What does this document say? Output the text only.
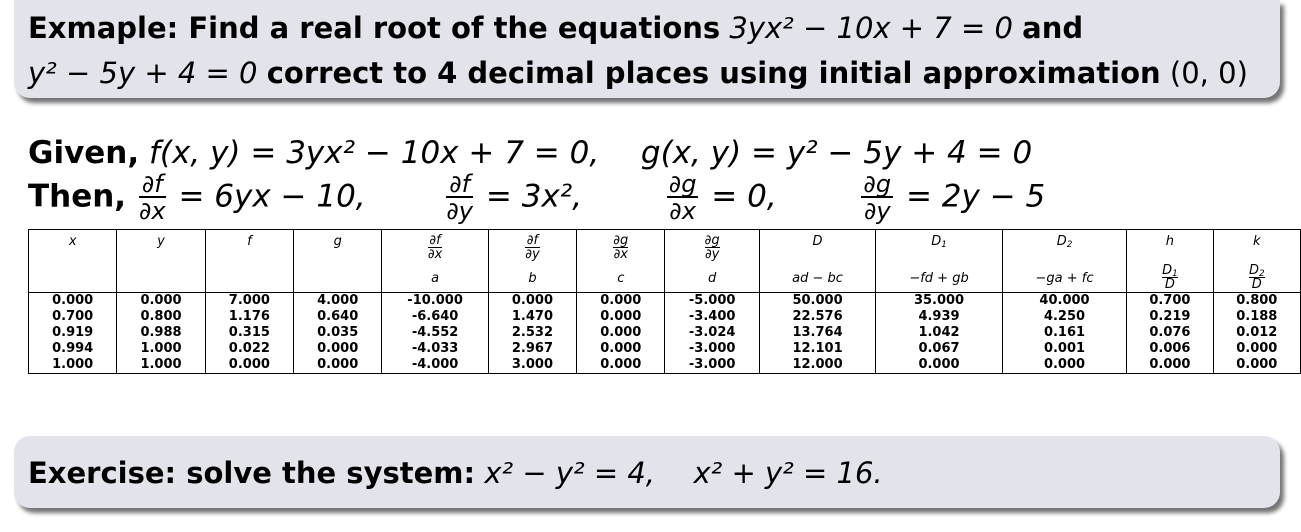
Exmaple: Find a real root of the equations 3yx² − 10x + 7 = 0 and
y² − 5y + 4 = 0 correct to 4 decimal places using initial approximation (0, 0)
Given, f(x, y) = 3yx² − 10x + 7 = 0, g(x, y) = y² − 5y + 4 = 0
Then, $\frac{\partial f}{\partial x} = 6yx - 10$,	$\frac{\partial f}{\partial y} = 3x^2$,	$\frac{\partial g}{\partial x} = 0$,	$\frac{\partial g}{\partial y} = 2y - 5$
x	y	f	g	$\frac{\partial f}{\partial x}$	$\frac{\partial f}{\partial y}$	$\frac{\partial g}{\partial x}$	$\frac{\partial g}{\partial y}$	D	$D_1$	$D_2$	h	k
				a	b	c	d	ad − bc	−fd + gb	−ga + fc	$\frac{D_1}{D}$	$\frac{D_2}{D}$

0.000	0.000	7.000	4.000	-10.000	0.000	0.000	-5.000	50.000	35.000	40.000	0.700	0.800
0.700	0.800	1.176	0.640	-6.640	1.470	0.000	-3.400	22.576	4.939	4.250	0.219	0.188
0.919	0.988	0.315	0.035	-4.552	2.532	0.000	-3.024	13.764	1.042	0.161	0.076	0.012
0.994	1.000	0.022	0.000	-4.033	2.967	0.000	-3.000	12.101	0.067	0.001	0.006	0.000
1.000	1.000	0.000	0.000	-4.000	3.000	0.000	-3.000	12.000	0.000	0.000	0.000	0.000
Exercise: solve the system: x² − y² = 4, x² + y² = 16.
